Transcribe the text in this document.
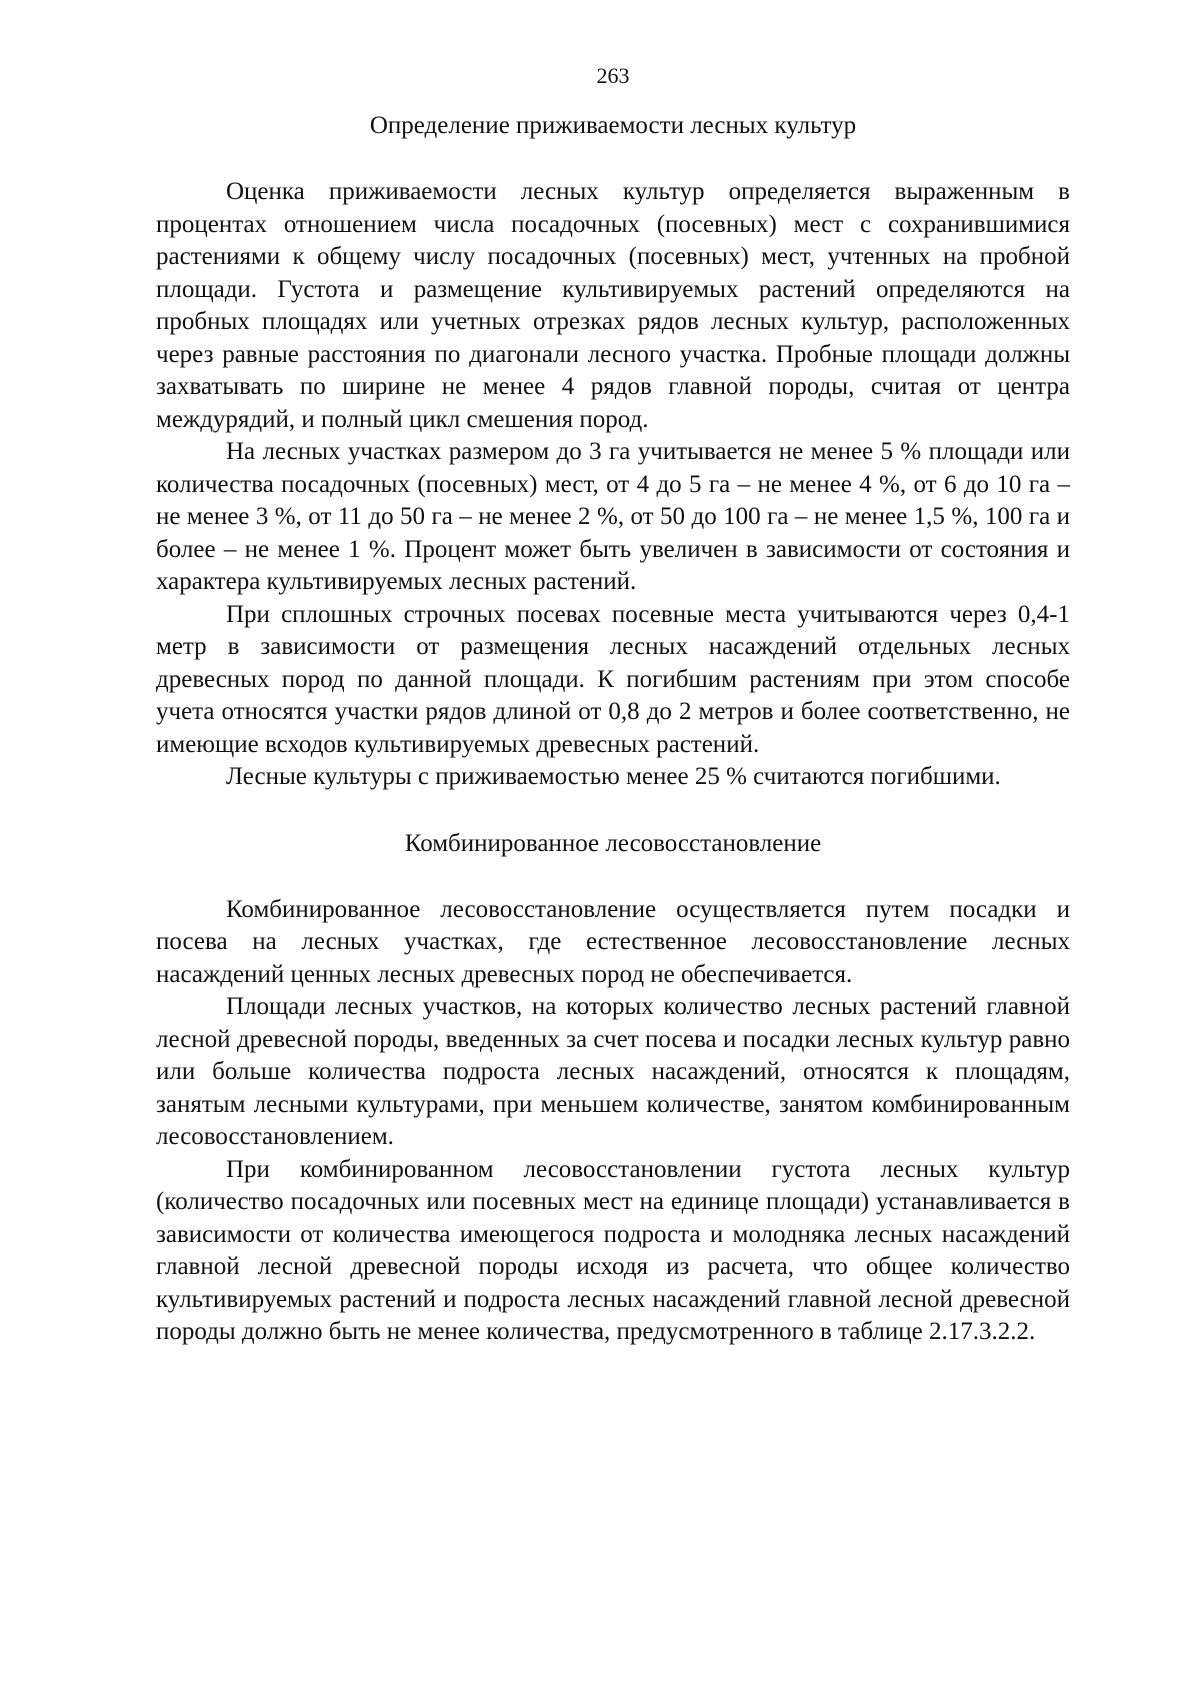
263
Определение приживаемости лесных культур

Оценка приживаемости лесных культур определяется выраженным в процентах отношением числа посадочных (посевных) мест с сохранившимися растениями к общему числу посадочных (посевных) мест, учтенных на пробной площади. Густота и размещение культивируемых растений определяются на пробных площадях или учетных отрезках рядов лесных культур, расположенных через равные расстояния по диагонали лесного участка. Пробные площади должны захватывать по ширине не менее 4 рядов главной породы, считая от центра междурядий, и полный цикл смешения пород.

На лесных участках размером до 3 га учитывается не менее 5 % площади или количества посадочных (посевных) мест, от 4 до 5 га – не менее 4 %, от 6 до 10 га – не менее 3 %, от 11 до 50 га – не менее 2 %, от 50 до 100 га – не менее 1,5 %, 100 га и более – не менее 1 %. Процент может быть увеличен в зависимости от состояния и характера культивируемых лесных растений.

При сплошных строчных посевах посевные места учитываются через 0,4-1 метр в зависимости от размещения лесных насаждений отдельных лесных древесных пород по данной площади. К погибшим растениям при этом способе учета относятся участки рядов длиной от 0,8 до 2 метров и более соответственно, не имеющие всходов культивируемых древесных растений.

Лесные культуры с приживаемостью менее 25 % считаются погибшими.

Комбинированное лесовосстановление

Комбинированное лесовосстановление осуществляется путем посадки и посева на лесных участках, где естественное лесовосстановление лесных насаждений ценных лесных древесных пород не обеспечивается.

Площади лесных участков, на которых количество лесных растений главной лесной древесной породы, введенных за счет посева и посадки лесных культур равно или больше количества подроста лесных насаждений, относятся к площадям, занятым лесными культурами, при меньшем количестве, занятом комбинированным лесовосстановлением.

При комбинированном лесовосстановлении густота лесных культур (количество посадочных или посевных мест на единице площади) устанавливается в зависимости от количества имеющегося подроста и молодняка лесных насаждений главной лесной древесной породы исходя из расчета, что общее количество культивируемых растений и подроста лесных насаждений главной лесной древесной породы должно быть не менее количества, предусмотренного в таблице 2.17.3.2.2.
